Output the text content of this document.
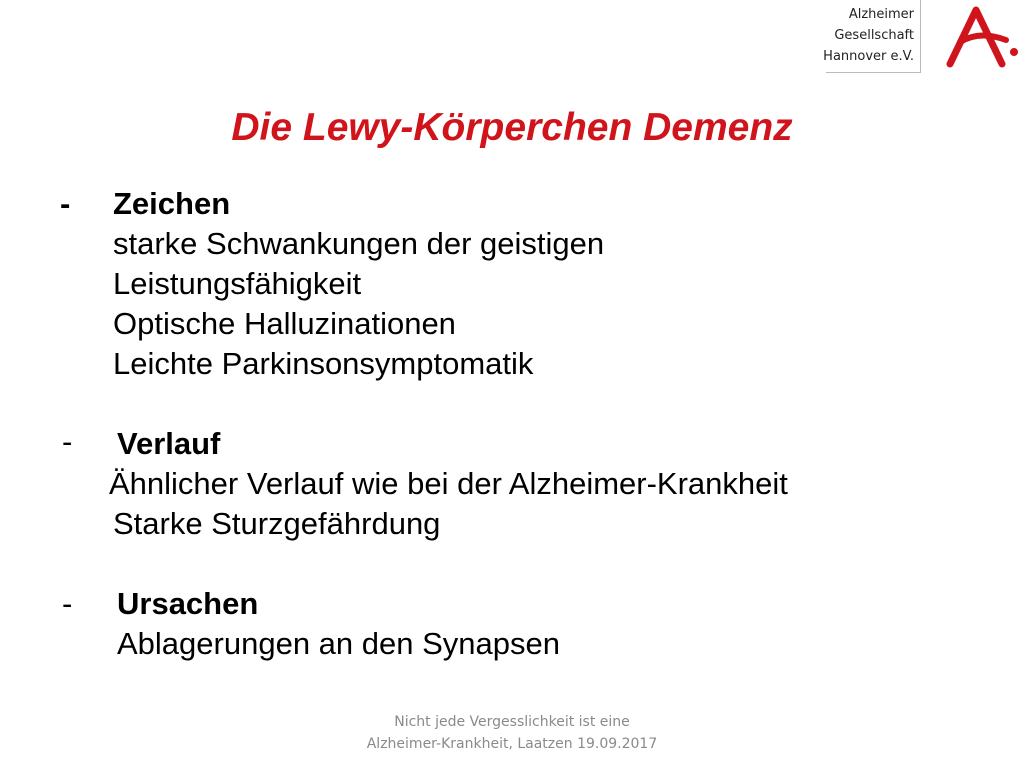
Alzheimer
Gesellschaft
Hannover e.V.
Die Lewy-Körperchen Demenz
- Zeichen
starke Schwankungen der geistigen
Leistungsfähigkeit
Optische Halluzinationen
Leichte Parkinsonsymptomatik
- Verlauf
Ähnlicher Verlauf wie bei der Alzheimer-Krankheit
Starke Sturzgefährdung
- Ursachen
Ablagerungen an den Synapsen
Nicht jede Vergesslichkeit ist eine
Alzheimer-Krankheit, Laatzen 19.09.2017
